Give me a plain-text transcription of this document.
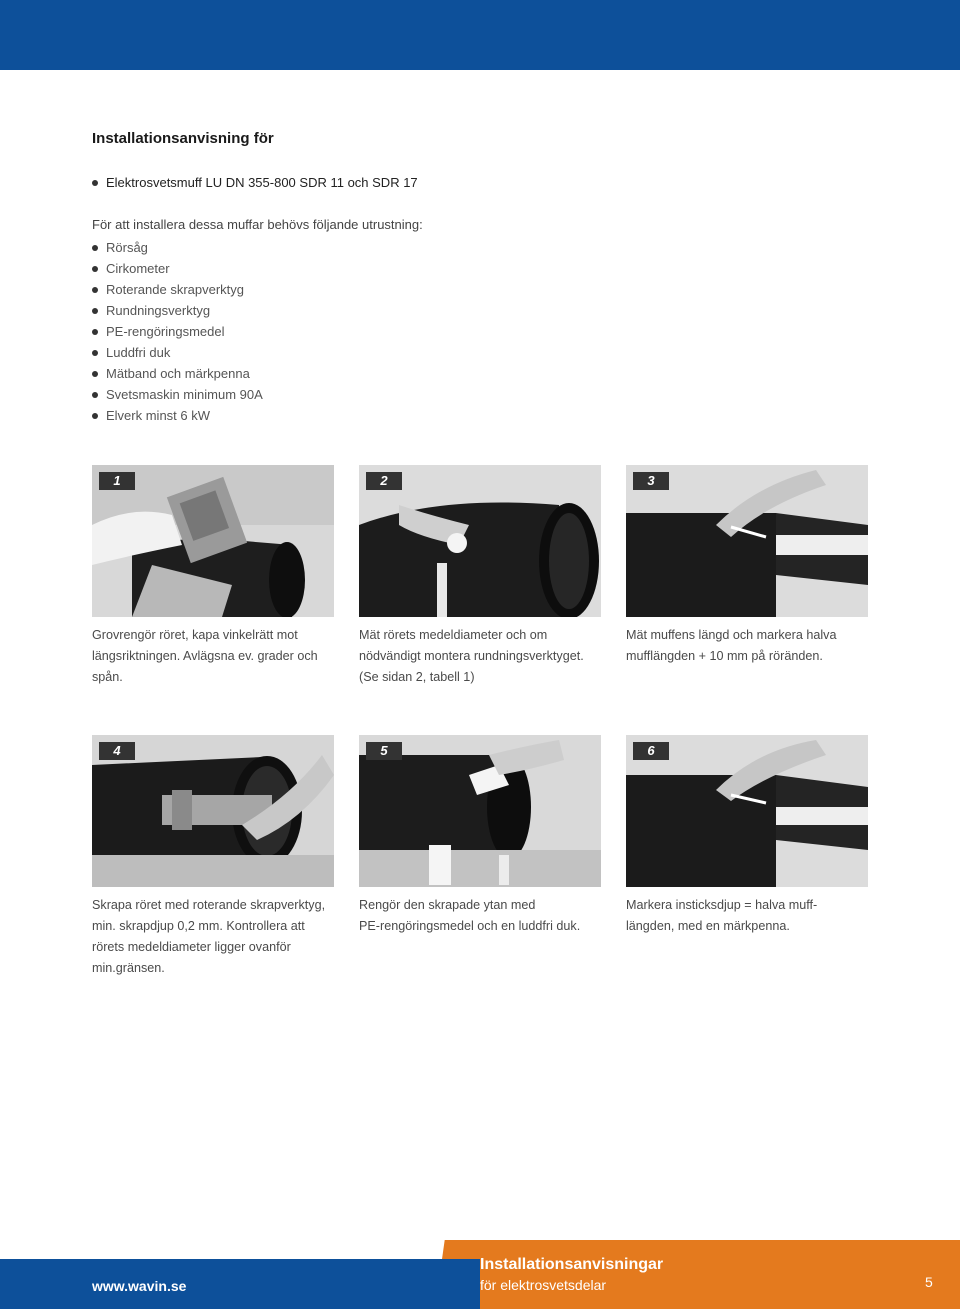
Installationsanvisning för

Elektrosvetsmuff LU DN 355-800 SDR 11 och SDR 17

För att installera dessa muffar behövs följande utrustning:

Rörsåg
Cirkometer
Roterande skrapverktyg
Rundningsverktyg
PE-rengöringsmedel
Luddfri duk
Mätband och märkpenna
Svetsmaskin minimum 90A
Elverk minst 6 kW
1

Grovrengör röret, kapa vinkelrätt mot
längsriktningen. Avlägsna ev. grader och
spån.

2

Mät rörets medeldiameter och om
nödvändigt montera rundningsverktyget.
(Se sidan 2, tabell 1)

3

Mät muffens längd och markera halva
mufflängden + 10 mm på röränden.

4

Skrapa röret med roterande skrapverktyg,
min. skrapdjup 0,2 mm. Kontrollera att
rörets medeldiameter ligger ovanför
min.gränsen.

5

Rengör den skrapade ytan med
PE-rengöringsmedel och en luddfri duk.

6

Markera insticksdjup = halva muff-
längden, med en märkpenna.

www.wavin.se

Installationsanvisningar

för elektrosvetsdelar	5
